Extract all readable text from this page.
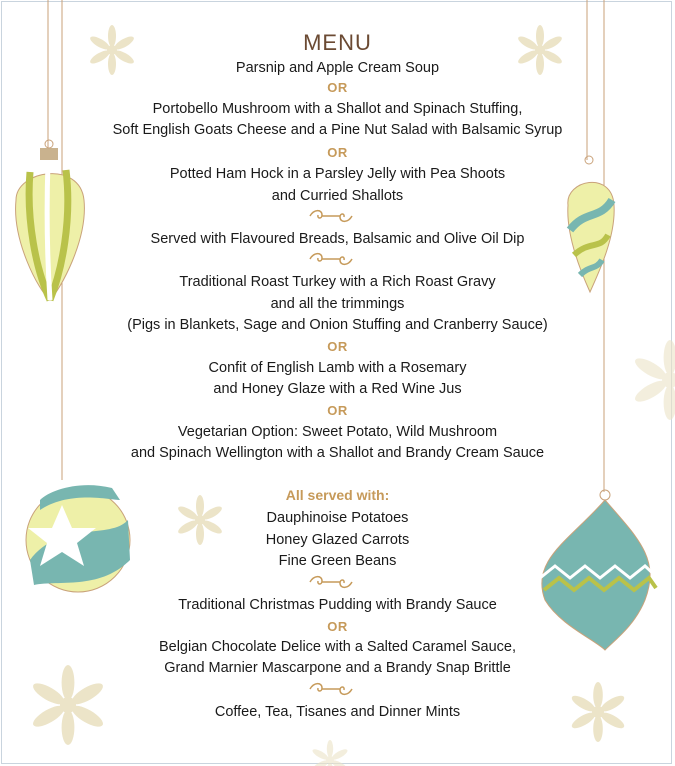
MENU
Parsnip and Apple Cream Soup
OR
Portobello Mushroom with a Shallot and Spinach Stuffing,
Soft English Goats Cheese and a Pine Nut Salad with Balsamic Syrup
OR
Potted Ham Hock in a Parsley Jelly with Pea Shoots
and Curried Shallots
Served with Flavoured Breads, Balsamic and Olive Oil Dip
Traditional Roast Turkey with a Rich Roast Gravy
and all the trimmings
(Pigs in Blankets, Sage and Onion Stuffing and Cranberry Sauce)
OR
Confit of English Lamb with a Rosemary
and Honey Glaze with a Red Wine Jus
OR
Vegetarian Option: Sweet Potato, Wild Mushroom
and Spinach Wellington with a Shallot and Brandy Cream Sauce
All served with:
Dauphinoise Potatoes
Honey Glazed Carrots
Fine Green Beans
Traditional Christmas Pudding with Brandy Sauce
OR
Belgian Chocolate Delice with a Salted Caramel Sauce,
Grand Marnier Mascarpone and a Brandy Snap Brittle
Coffee, Tea, Tisanes and Dinner Mints
